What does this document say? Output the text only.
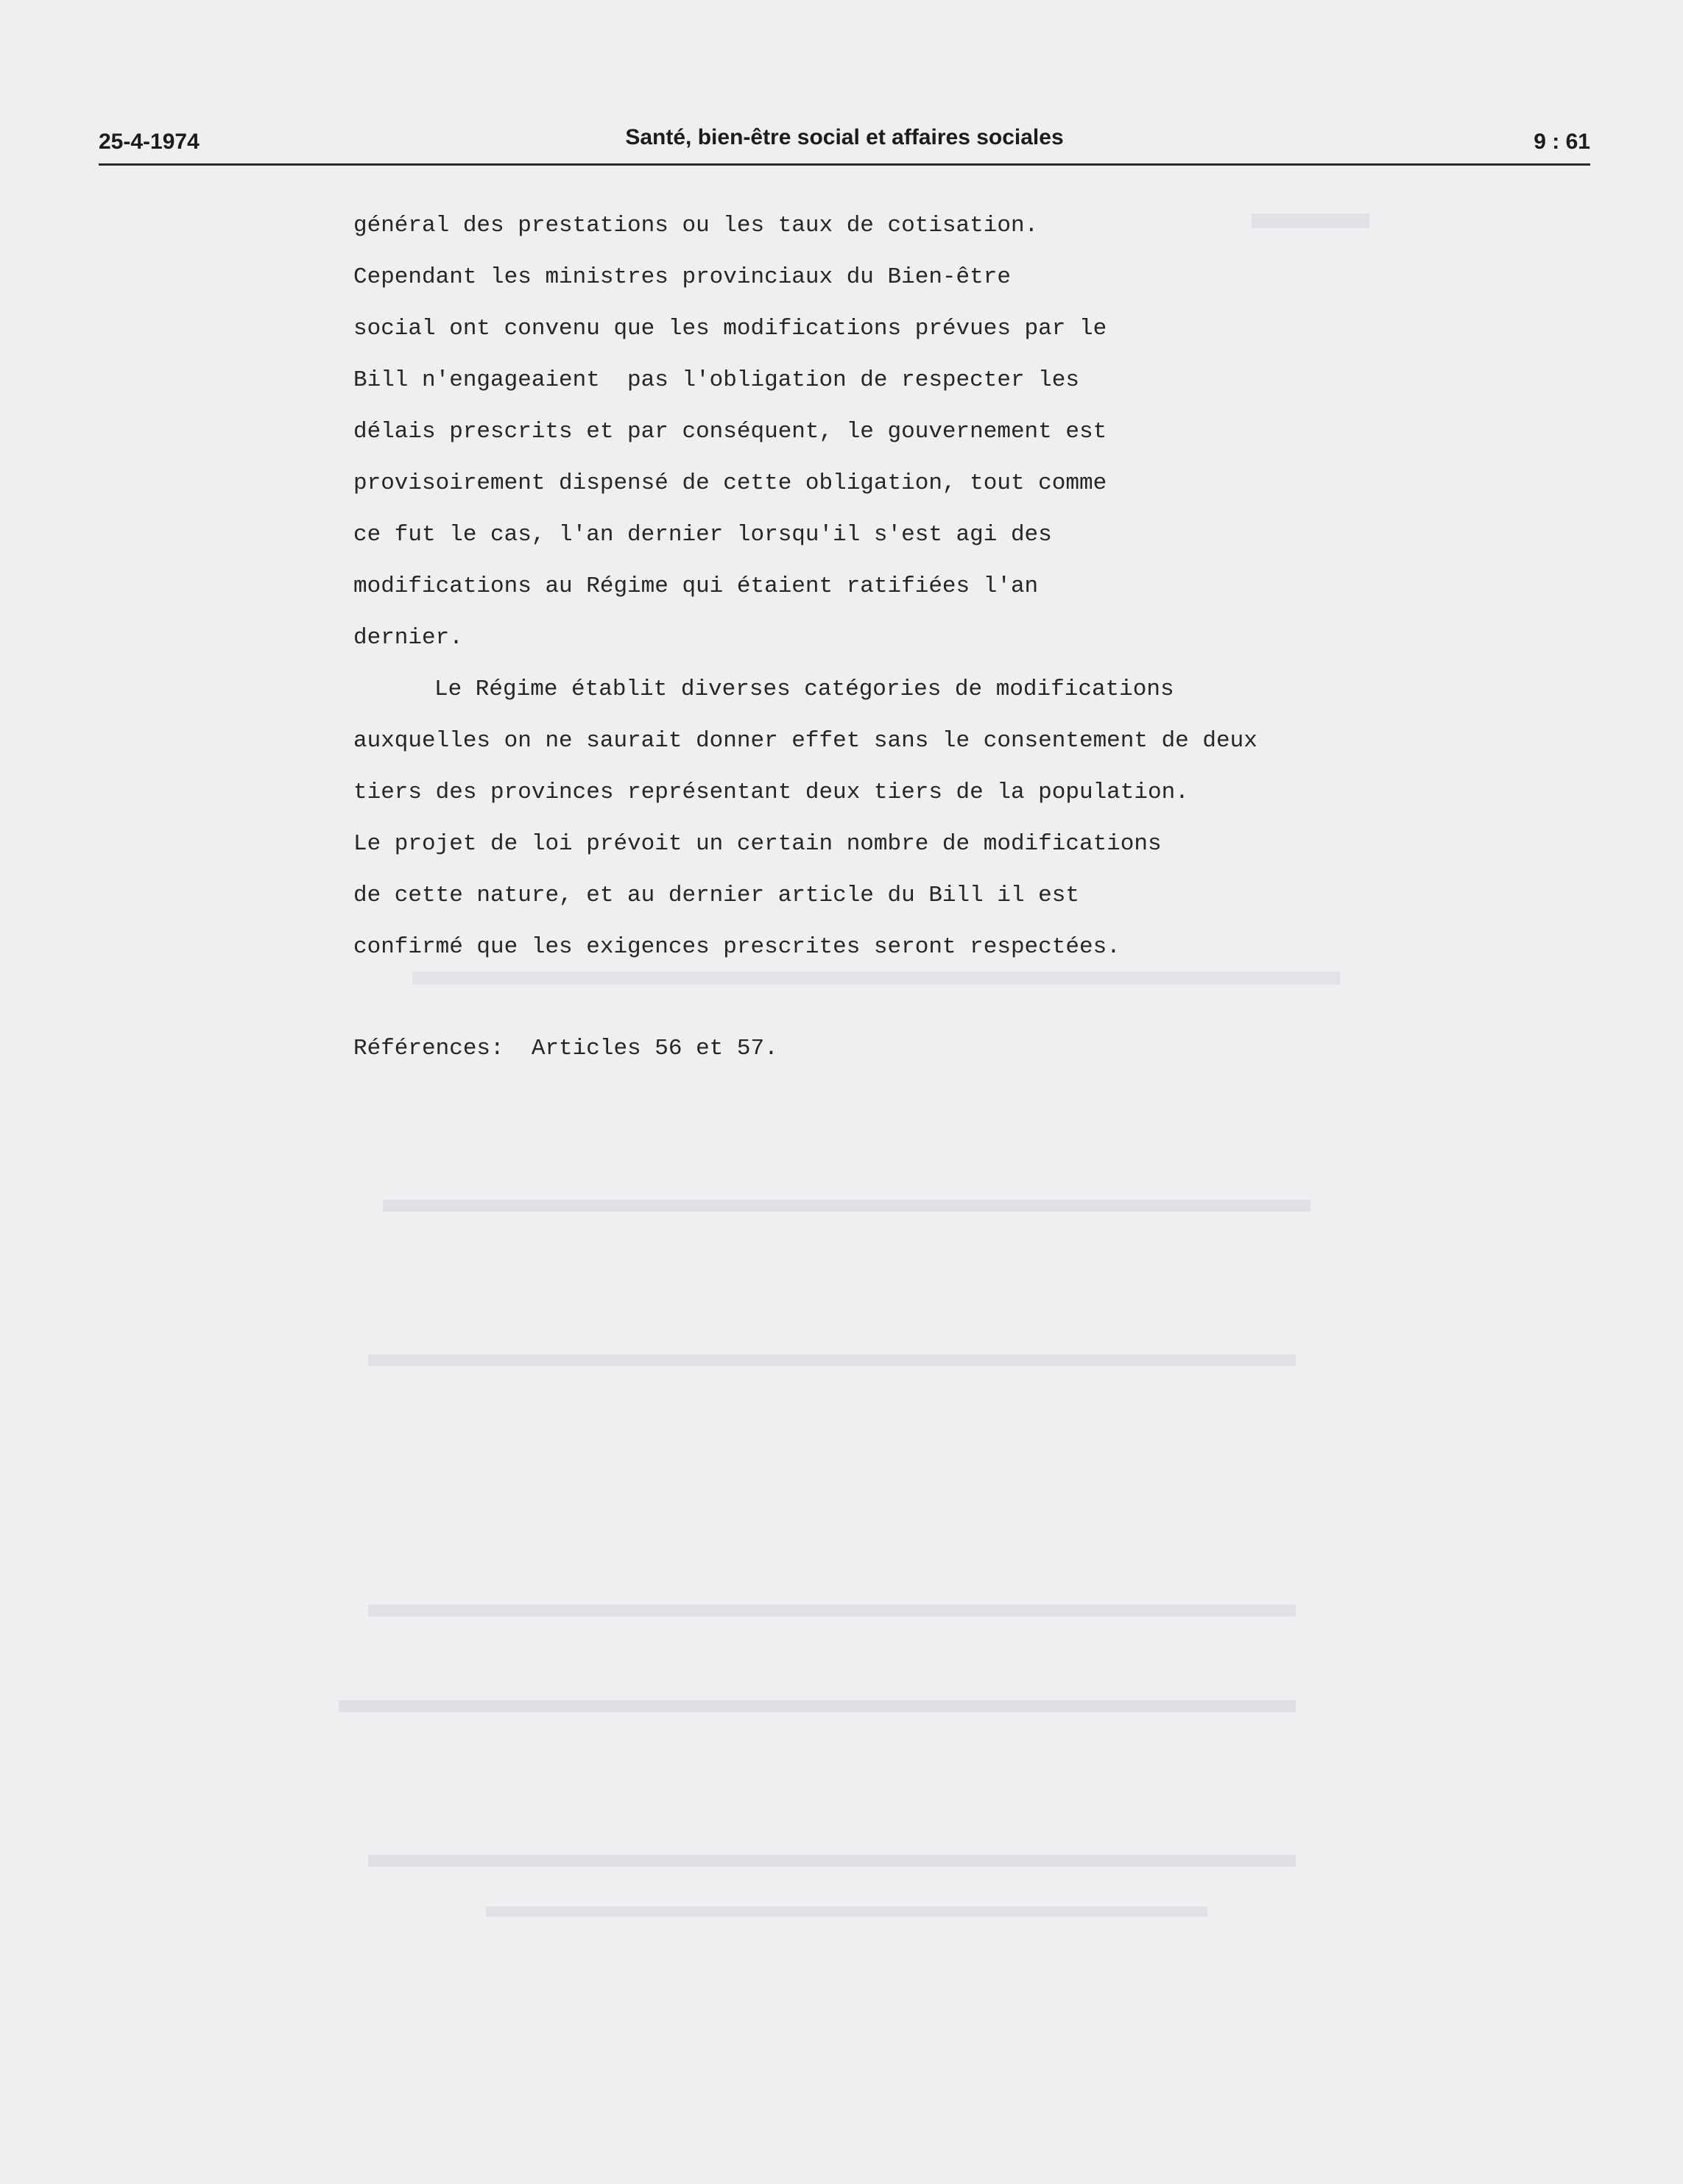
25-4-1974	Santé, bien-être social et affaires sociales	9 : 61
général des prestations ou les taux de cotisation.
Cependant les ministres provinciaux du Bien-être
social ont convenu que les modifications prévues par le
Bill n'engageaient  pas l'obligation de respecter les
délais prescrits et par conséquent, le gouvernement est
provisoirement dispensé de cette obligation, tout comme
ce fut le cas, l'an dernier lorsqu'il s'est agi des
modifications au Régime qui étaient ratifiées l'an
dernier.
Le Régime établit diverses catégories de modifications
auxquelles on ne saurait donner effet sans le consentement de deux
tiers des provinces représentant deux tiers de la population.
Le projet de loi prévoit un certain nombre de modifications
de cette nature, et au dernier article du Bill il est
confirmé que les exigences prescrites seront respectées.
Références:  Articles 56 et 57.
